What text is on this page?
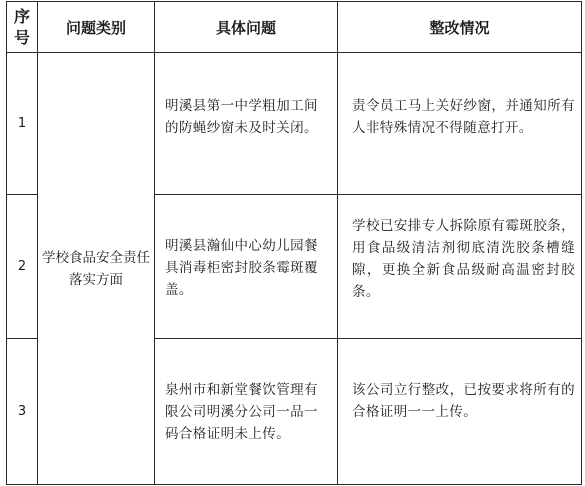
序号	问题类别	具体问题	整改情况
1	学校食品安全责任落实方面	明溪县第一中学粗加工间的防蝇纱窗未及时关闭。	责令员工马上关好纱窗，并通知所有人非特殊情况不得随意打开。

2		明溪县瀚仙中心幼儿园餐具消毒柜密封胶条霉斑覆盖。	学校已安排专人拆除原有霉斑胶条，用食品级清洁剂彻底清洗胶条槽缝隙，更换全新食品级耐高温密封胶条。

3		泉州市和新堂餐饮管理有限公司明溪分公司一品一码合格证明未上传。	该公司立行整改，已按要求将所有的合格证明一一上传。
